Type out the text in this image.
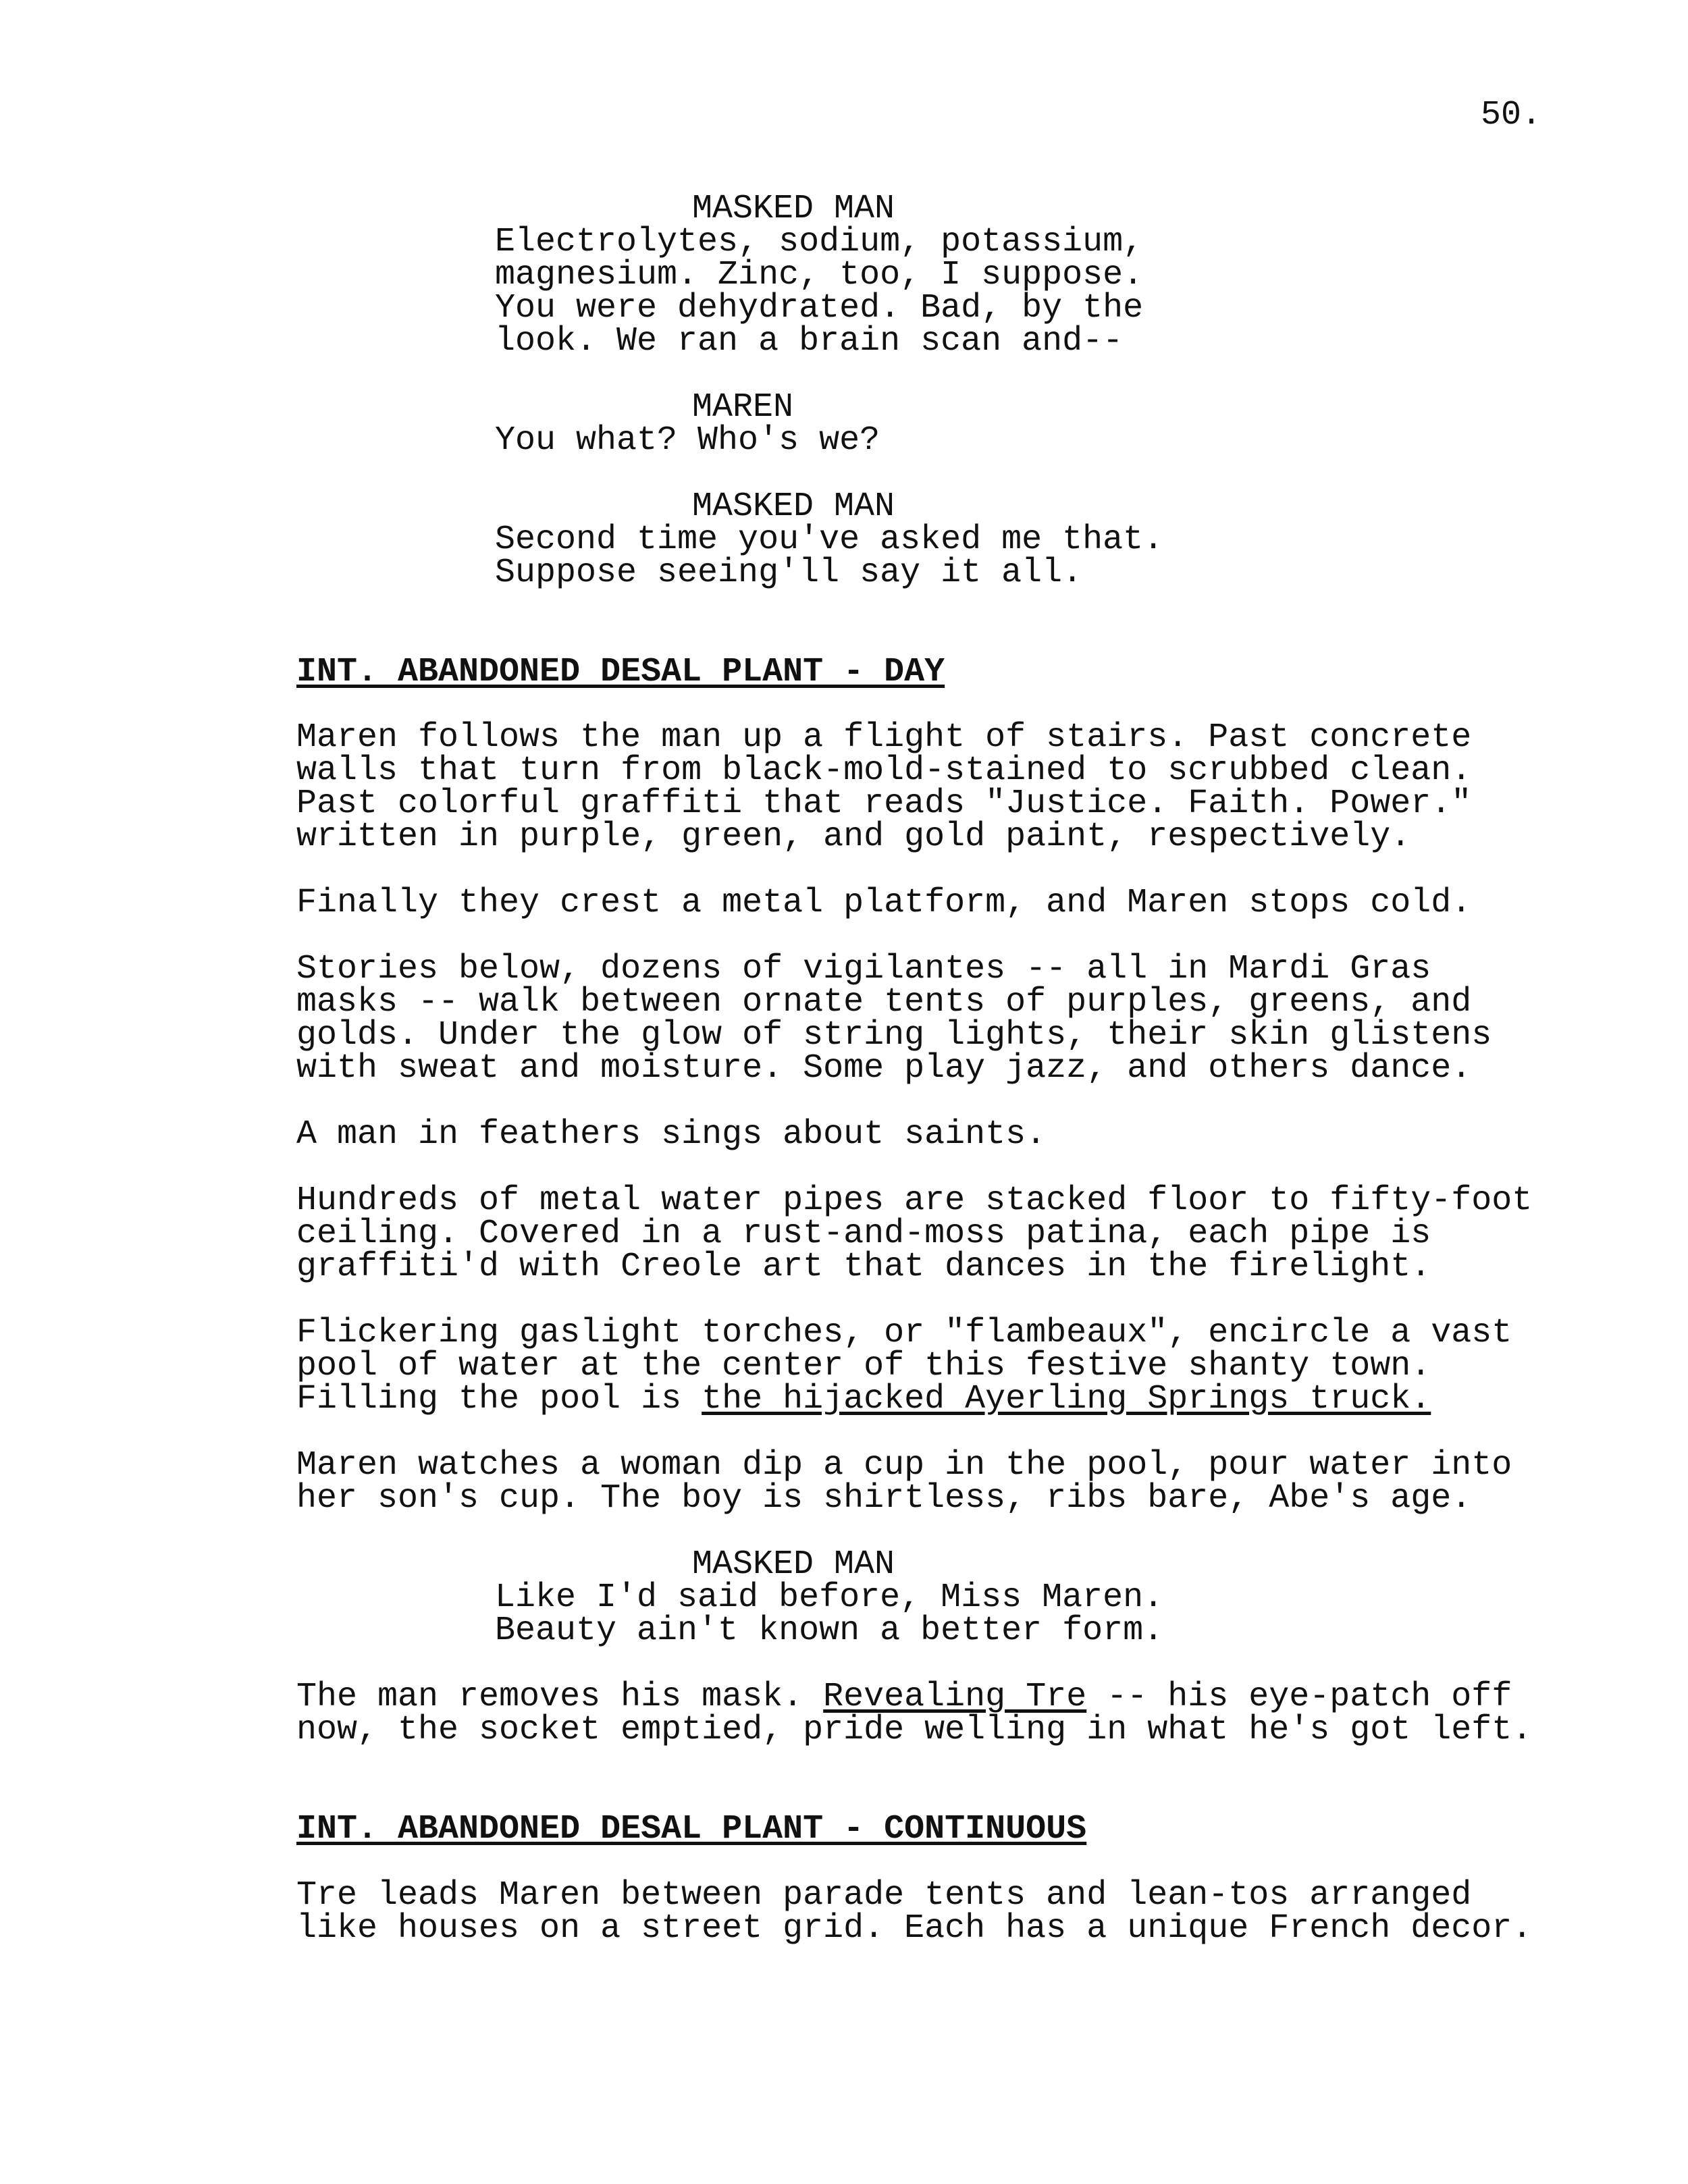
50.
MASKED MAN
Electrolytes, sodium, potassium,
magnesium. Zinc, too, I suppose.
You were dehydrated. Bad, by the
look. We ran a brain scan and--
MAREN
You what? Who's we?
MASKED MAN
Second time you've asked me that.
Suppose seeing'll say it all.
INT. ABANDONED DESAL PLANT - DAY
Maren follows the man up a flight of stairs. Past concrete
walls that turn from black-mold-stained to scrubbed clean.
Past colorful graffiti that reads "Justice. Faith. Power."
written in purple, green, and gold paint, respectively.
Finally they crest a metal platform, and Maren stops cold.
Stories below, dozens of vigilantes -- all in Mardi Gras
masks -- walk between ornate tents of purples, greens, and
golds. Under the glow of string lights, their skin glistens
with sweat and moisture. Some play jazz, and others dance.
A man in feathers sings about saints.
Hundreds of metal water pipes are stacked floor to fifty-foot
ceiling. Covered in a rust-and-moss patina, each pipe is
graffiti'd with Creole art that dances in the firelight.
Flickering gaslight torches, or "flambeaux", encircle a vast
pool of water at the center of this festive shanty town.
Filling the pool is the hijacked Ayerling Springs truck.
Maren watches a woman dip a cup in the pool, pour water into
her son's cup. The boy is shirtless, ribs bare, Abe's age.
MASKED MAN
Like I'd said before, Miss Maren.
Beauty ain't known a better form.
The man removes his mask. Revealing Tre -- his eye-patch off
now, the socket emptied, pride welling in what he's got left.
INT. ABANDONED DESAL PLANT - CONTINUOUS
Tre leads Maren between parade tents and lean-tos arranged
like houses on a street grid. Each has a unique French decor.
